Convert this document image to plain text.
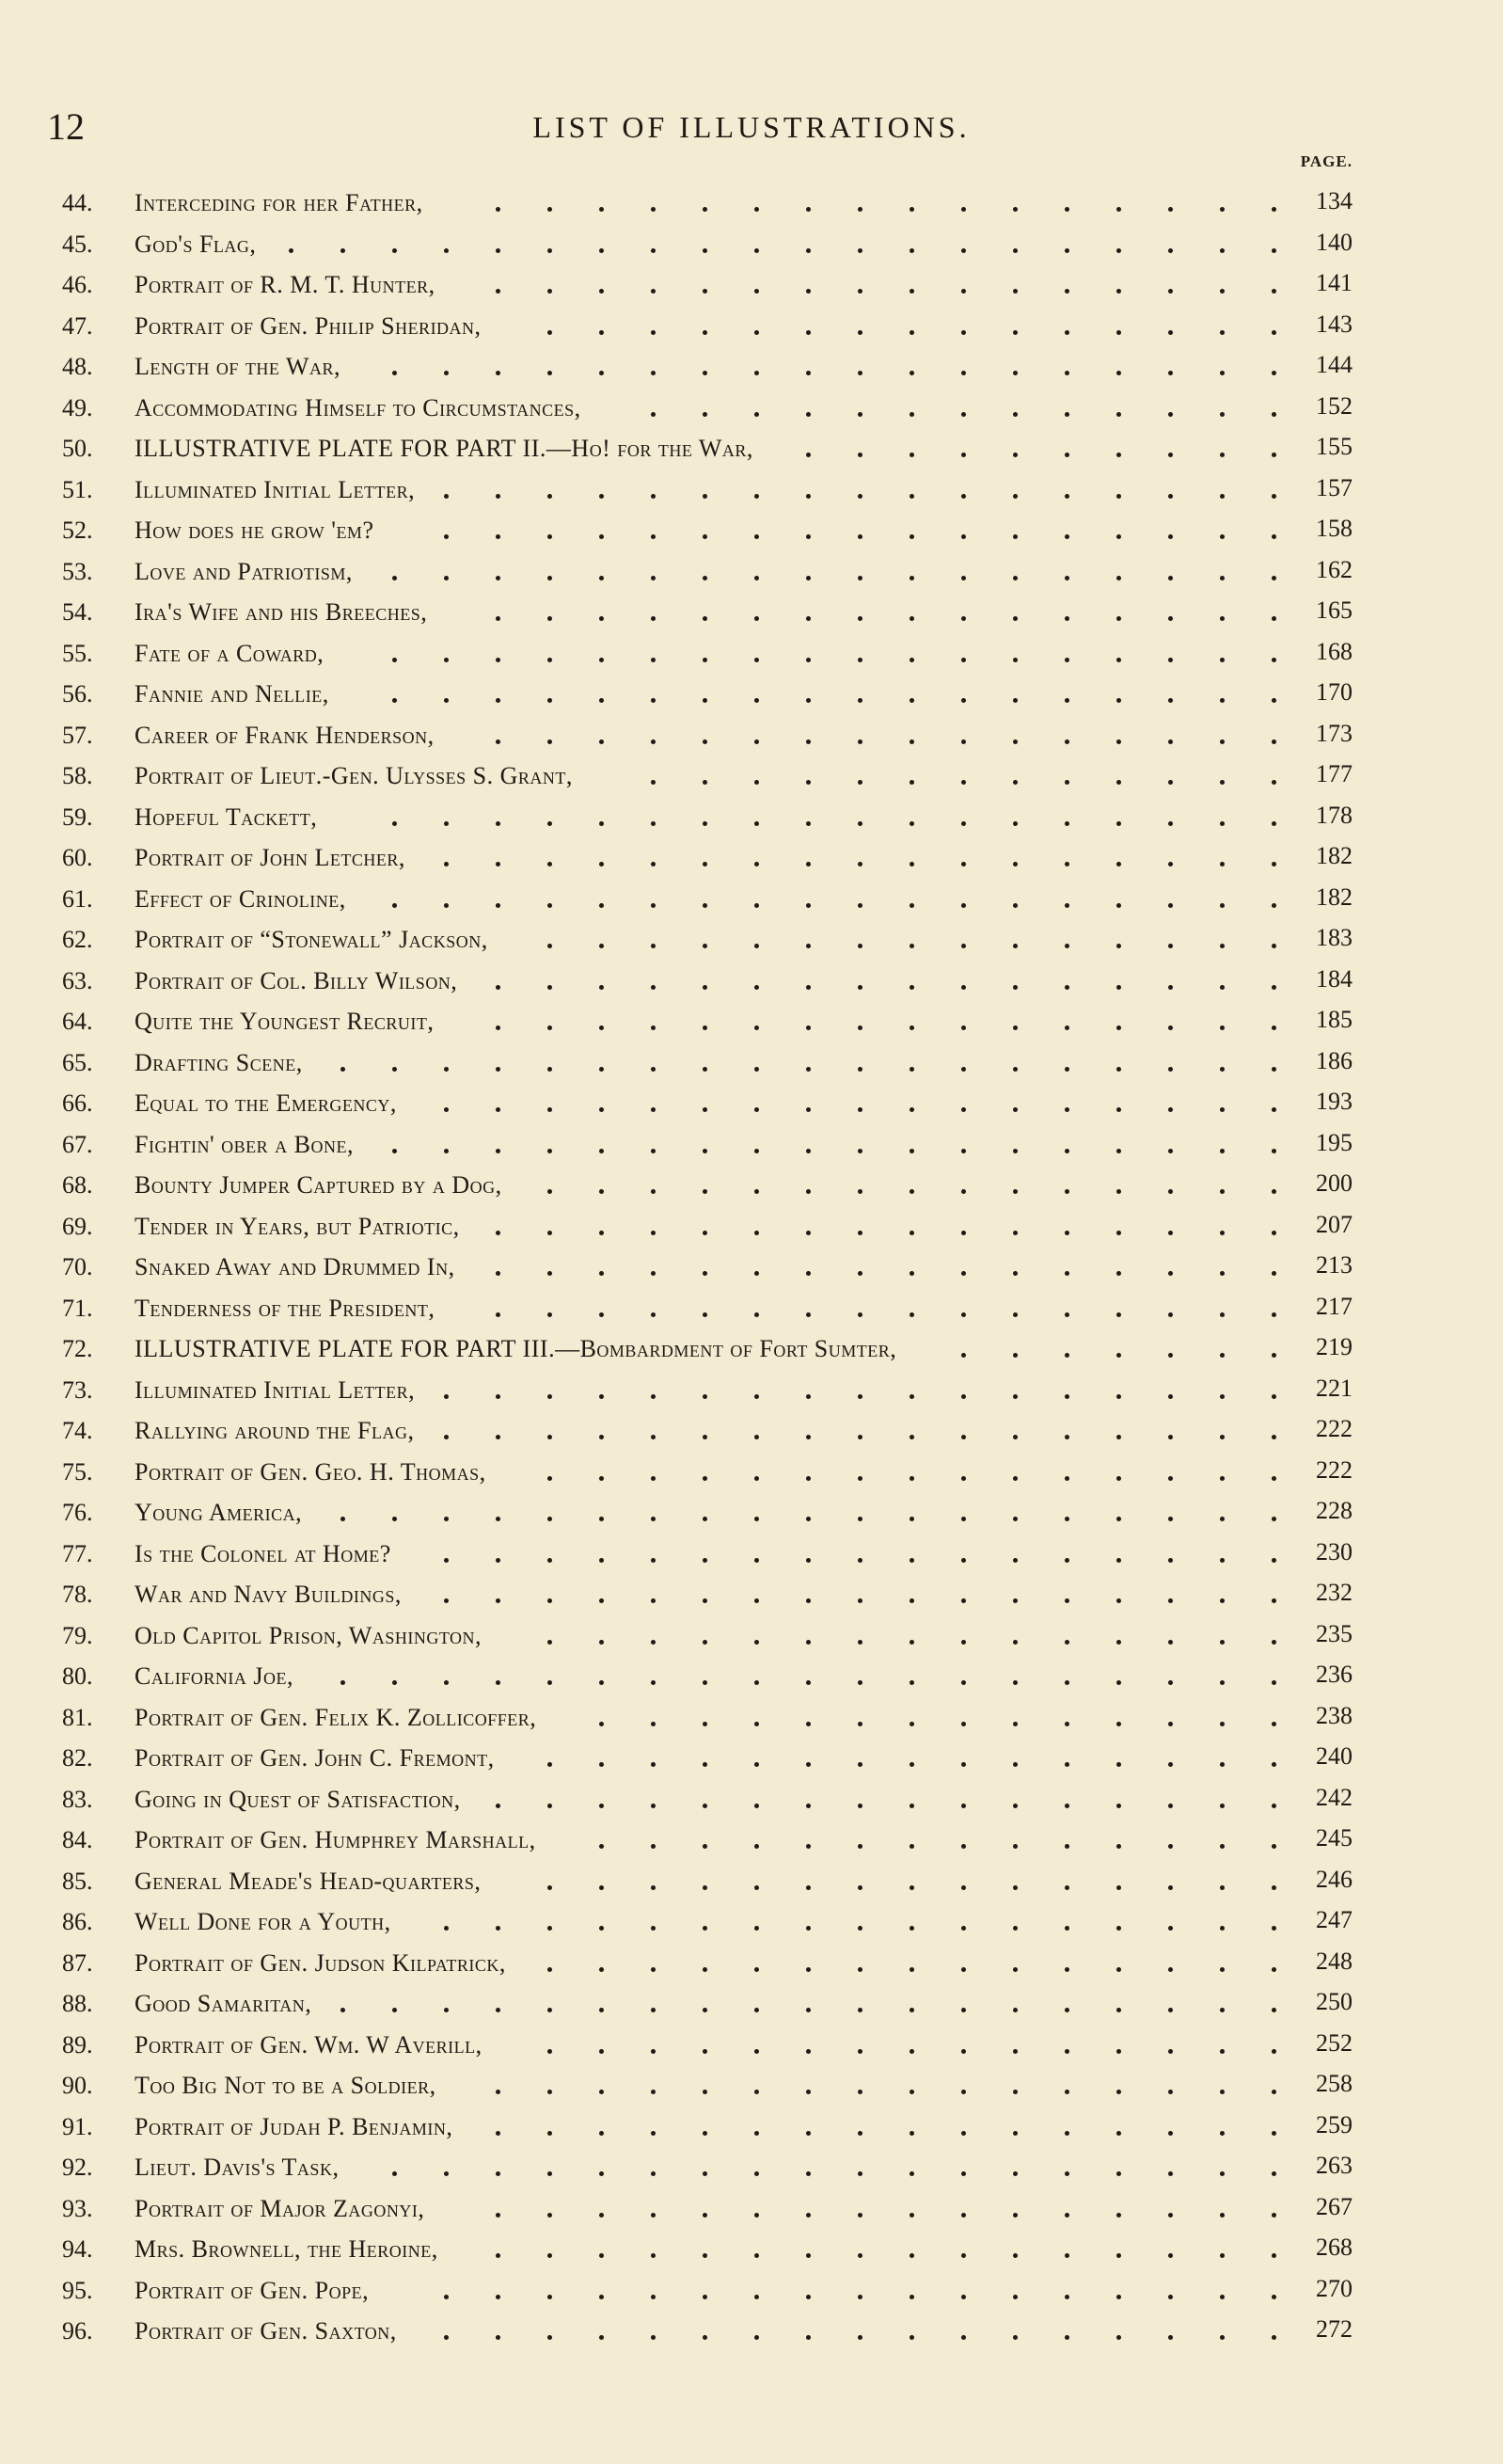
12	LIST OF ILLUSTRATIONS.
PAGE.
44.	Interceding for her Father,	134
45.	God's Flag,	140
46.	Portrait of R. M. T. Hunter,	141
47.	Portrait of Gen. Philip Sheridan,	143
48.	Length of the War,	144
49.	Accommodating Himself to Circumstances,	152
50.	ILLUSTRATIVE PLATE FOR PART II.—Ho! for the War,	155
51.	Illuminated Initial Letter,	157
52.	How does he grow 'em?	158
53.	Love and Patriotism,	162
54.	Ira's Wife and his Breeches,	165
55.	Fate of a Coward,	168
56.	Fannie and Nellie,	170
57.	Career of Frank Henderson,	173
58.	Portrait of Lieut.-Gen. Ulysses S. Grant,	177
59.	Hopeful Tackett,	178
60.	Portrait of John Letcher,	182
61.	Effect of Crinoline,	182
62.	Portrait of “Stonewall” Jackson,	183
63.	Portrait of Col. Billy Wilson,	184
64.	Quite the Youngest Recruit,	185
65.	Drafting Scene,	186
66.	Equal to the Emergency,	193
67.	Fightin' ober a Bone,	195
68.	Bounty Jumper Captured by a Dog,	200
69.	Tender in Years, but Patriotic,	207
70.	Snaked Away and Drummed In,	213
71.	Tenderness of the President,	217
72.	ILLUSTRATIVE PLATE FOR PART III.—Bombardment of Fort Sumter,	219
73.	Illuminated Initial Letter,	221
74.	Rallying around the Flag,	222
75.	Portrait of Gen. Geo. H. Thomas,	222
76.	Young America,	228
77.	Is the Colonel at Home?	230
78.	War and Navy Buildings,	232
79.	Old Capitol Prison, Washington,	235
80.	California Joe,	236
81.	Portrait of Gen. Felix K. Zollicoffer,	238
82.	Portrait of Gen. John C. Fremont,	240
83.	Going in Quest of Satisfaction,	242
84.	Portrait of Gen. Humphrey Marshall,	245
85.	General Meade's Head-quarters,	246
86.	Well Done for a Youth,	247
87.	Portrait of Gen. Judson Kilpatrick,	248
88.	Good Samaritan,	250
89.	Portrait of Gen. Wm. W Averill,	252
90.	Too Big Not to be a Soldier,	258
91.	Portrait of Judah P. Benjamin,	259
92.	Lieut. Davis's Task,	263
93.	Portrait of Major Zagonyi,	267
94.	Mrs. Brownell, the Heroine,	268
95.	Portrait of Gen. Pope,	270
96.	Portrait of Gen. Saxton,	272
